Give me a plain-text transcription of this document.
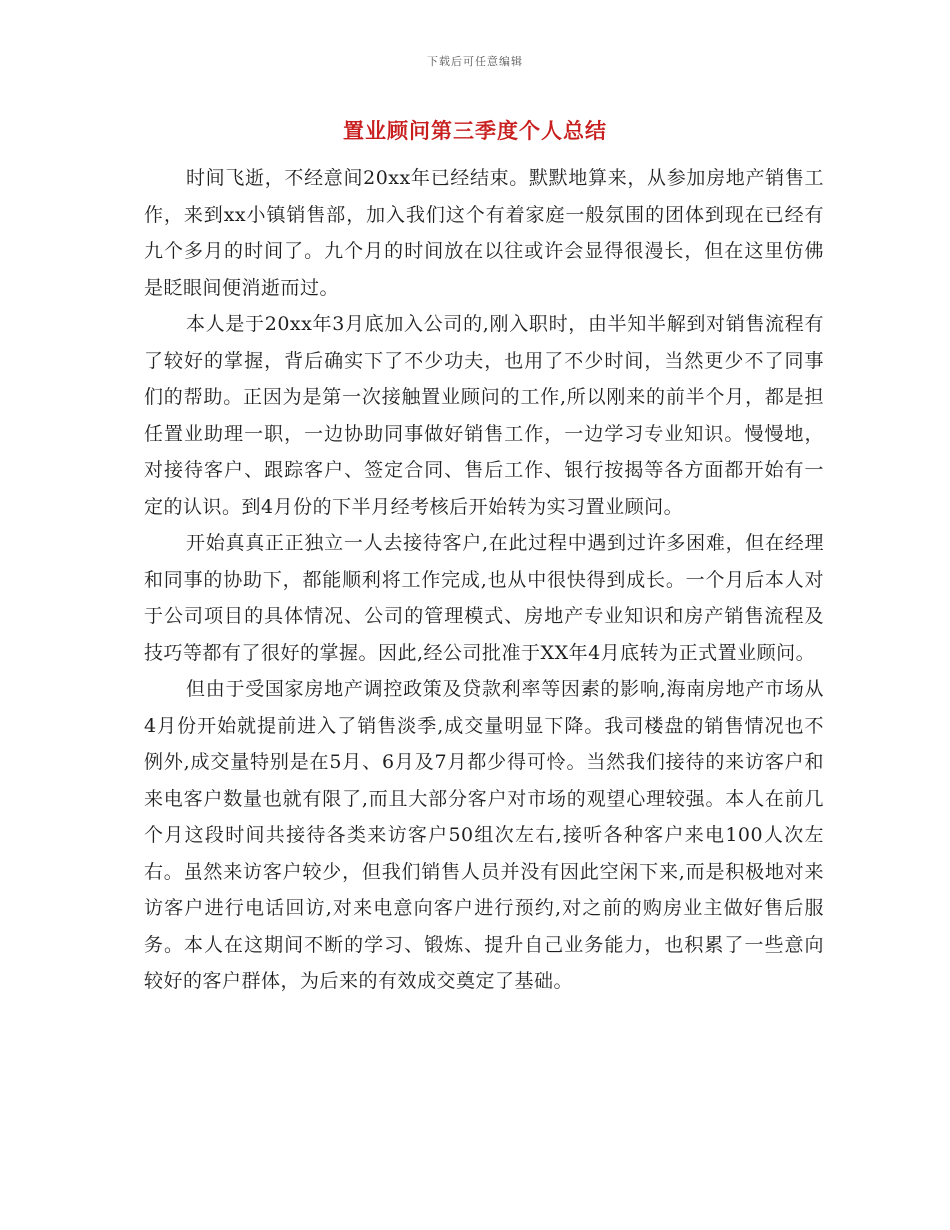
下载后可任意编辑
置业顾问第三季度个人总结

时间飞逝，不经意间20xx年已经结束。默默地算来，从参加房地产销售工作，来到xx小镇销售部，加入我们这个有着家庭一般氛围的团体到现在已经有九个多月的时间了。九个月的时间放在以往或许会显得很漫长，但在这里仿佛是眨眼间便消逝而过。

本人是于20xx年3月底加入公司的,刚入职时，由半知半解到对销售流程有了较好的掌握，背后确实下了不少功夫，也用了不少时间，当然更少不了同事们的帮助。正因为是第一次接触置业顾问的工作,所以刚来的前半个月，都是担任置业助理一职，一边协助同事做好销售工作，一边学习专业知识。慢慢地，对接待客户、跟踪客户、签定合同、售后工作、银行按揭等各方面都开始有一定的认识。到4月份的下半月经考核后开始转为实习置业顾问。

开始真真正正独立一人去接待客户,在此过程中遇到过许多困难，但在经理和同事的协助下，都能顺利将工作完成,也从中很快得到成长。一个月后本人对于公司项目的具体情况、公司的管理模式、房地产专业知识和房产销售流程及技巧等都有了很好的掌握。因此,经公司批准于XX年4月底转为正式置业顾问。

但由于受国家房地产调控政策及贷款利率等因素的影响,海南房地产市场从4月份开始就提前进入了销售淡季,成交量明显下降。我司楼盘的销售情况也不例外,成交量特别是在5月、6月及7月都少得可怜。当然我们接待的来访客户和来电客户数量也就有限了,而且大部分客户对市场的观望心理较强。本人在前几个月这段时间共接待各类来访客户50组次左右,接听各种客户来电100人次左右。虽然来访客户较少，但我们销售人员并没有因此空闲下来,而是积极地对来访客户进行电话回访,对来电意向客户进行预约,对之前的购房业主做好售后服务。本人在这期间不断的学习、锻炼、提升自己业务能力，也积累了一些意向较好的客户群体，为后来的有效成交奠定了基础。
